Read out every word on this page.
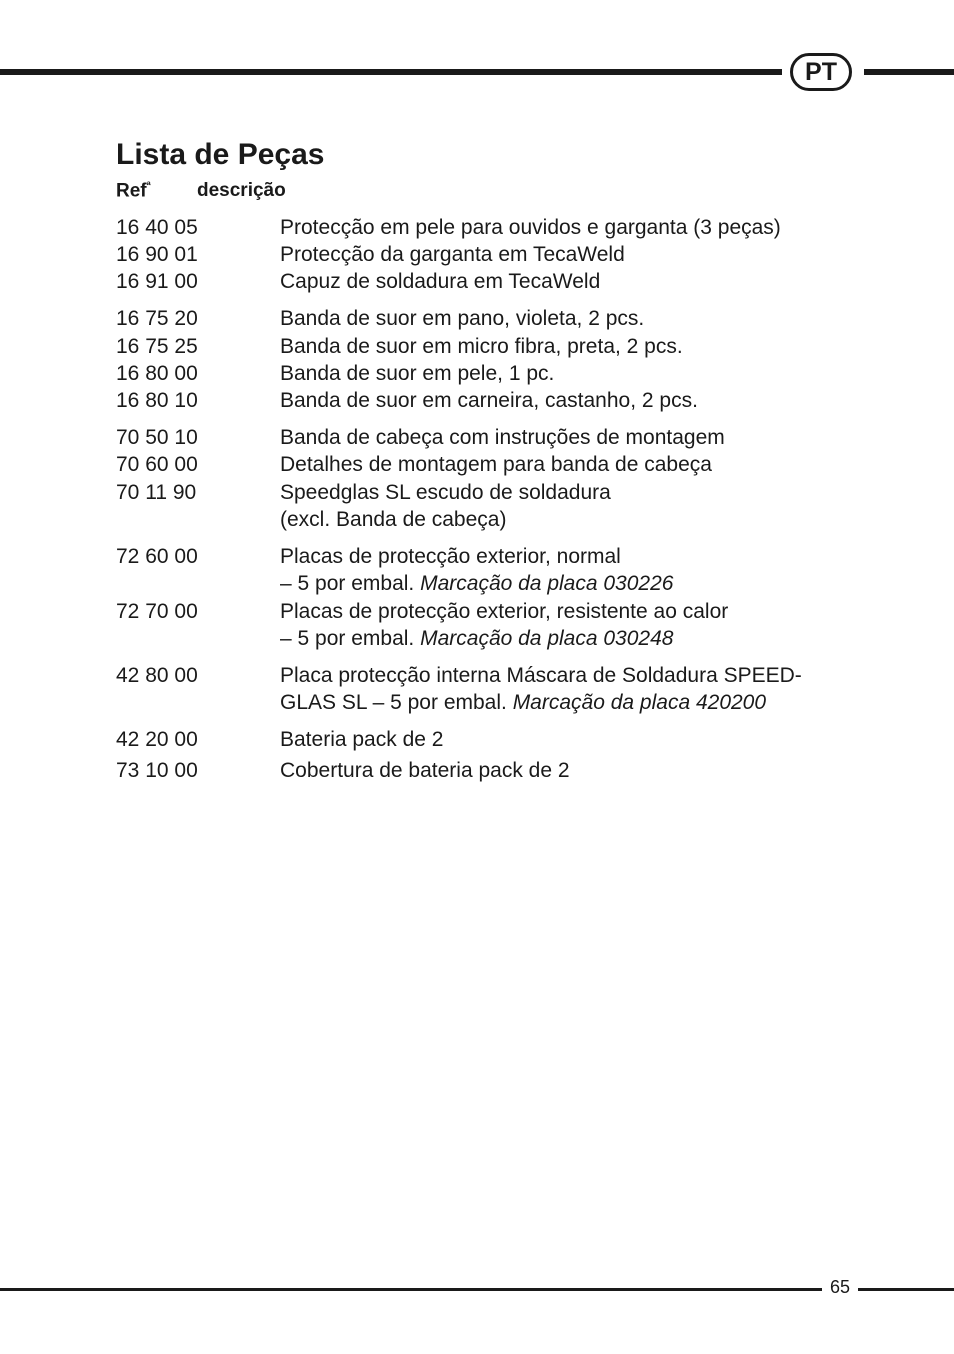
PT
Lista de Peças
Ref$^ª$ descrição
16 40 05	Protecção em pele para ouvidos e garganta (3 peças)
16 90 01	Protecção da garganta em TecaWeld
16 91 00	Capuz de soldadura em TecaWeld
16 75 20	Banda de suor em pano, violeta, 2 pcs.
16 75 25	Banda de suor em micro fibra, preta, 2 pcs.
16 80 00	Banda de suor em pele, 1 pc.
16 80 10	Banda de suor em carneira, castanho, 2 pcs.
70 50 10	Banda de cabeça com instruções de montagem
70 60 00	Detalhes de montagem para banda de cabeça
70 11 90	Speedglas SL escudo de soldadura
(excl. Banda de cabeça)
72 60 00	Placas de protecção exterior, normal
– 5 por embal. Marcação da placa 030226
72 70 00	Placas de protecção exterior, resistente ao calor
– 5 por embal. Marcação da placa 030248
42 80 00	Placa protecção interna Máscara de Soldadura SPEED-
GLAS SL – 5 por embal. Marcação da placa 420200
42 20 00	Bateria pack de 2
73 10 00	Cobertura de bateria pack de 2
65
